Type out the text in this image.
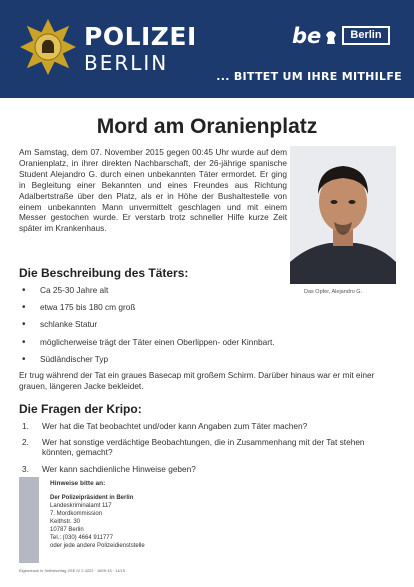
POLIZEI
BERLIN
be	Berlin
... BITTET UM IHRE MITHILFE
Mord am Oranienplatz
Am Samstag, dem 07. November 2015 gegen 00:45 Uhr wurde auf dem Oranienplatz, in ihrer direkten Nachbarschaft, der 26-jährige spanische Student Alejandro G. durch einen unbekannten Täter ermordet. Er ging in Begleitung einer Bekannten und eines Freundes aus Richtung Adalbertstraße über den Platz, als er in Höhe der Bushaltestelle von einem unbekannten Mann unvermittelt geschlagen und mit einem Messer gestochen wurde. Er verstarb trotz schneller Hilfe kurze Zeit später im Krankenhaus.
Das Opfer, Alejandro G.
Die Beschreibung des Täters:
• Ca 25-30 Jahre alt
• etwa 175 bis 180 cm groß
• schlanke Statur
• möglicherweise trägt der Täter einen Oberlippen- oder Kinnbart.
• Südländischer Typ
Er trug während der Tat ein graues Basecap mit großem Schirm. Darüber hinaus war er mit einer grauen, längeren Jacke bekleidet.
Die Fragen der Kripo:
1. Wer hat die Tat beobachtet und/oder kann Angaben zum Täter machen?
2. Wer hat sonstige verdächtige Beobachtungen, die in Zusammenhang mit der Tat stehen könnten, gemacht?
3. Wer kann sachdienliche Hinweise geben?
Hinweise bitte an:
Der Polizeipräsident in Berlin
Landeskriminalamt 117
7. Mordkommission
Keithstr. 30
10787 Berlin
Tel.: (030) 4664 911777
oder jede andere Polizeidienststelle
Eigendruck in Selbstverlag ZSE IV 2 4222 · 1609·15 · 11/15
